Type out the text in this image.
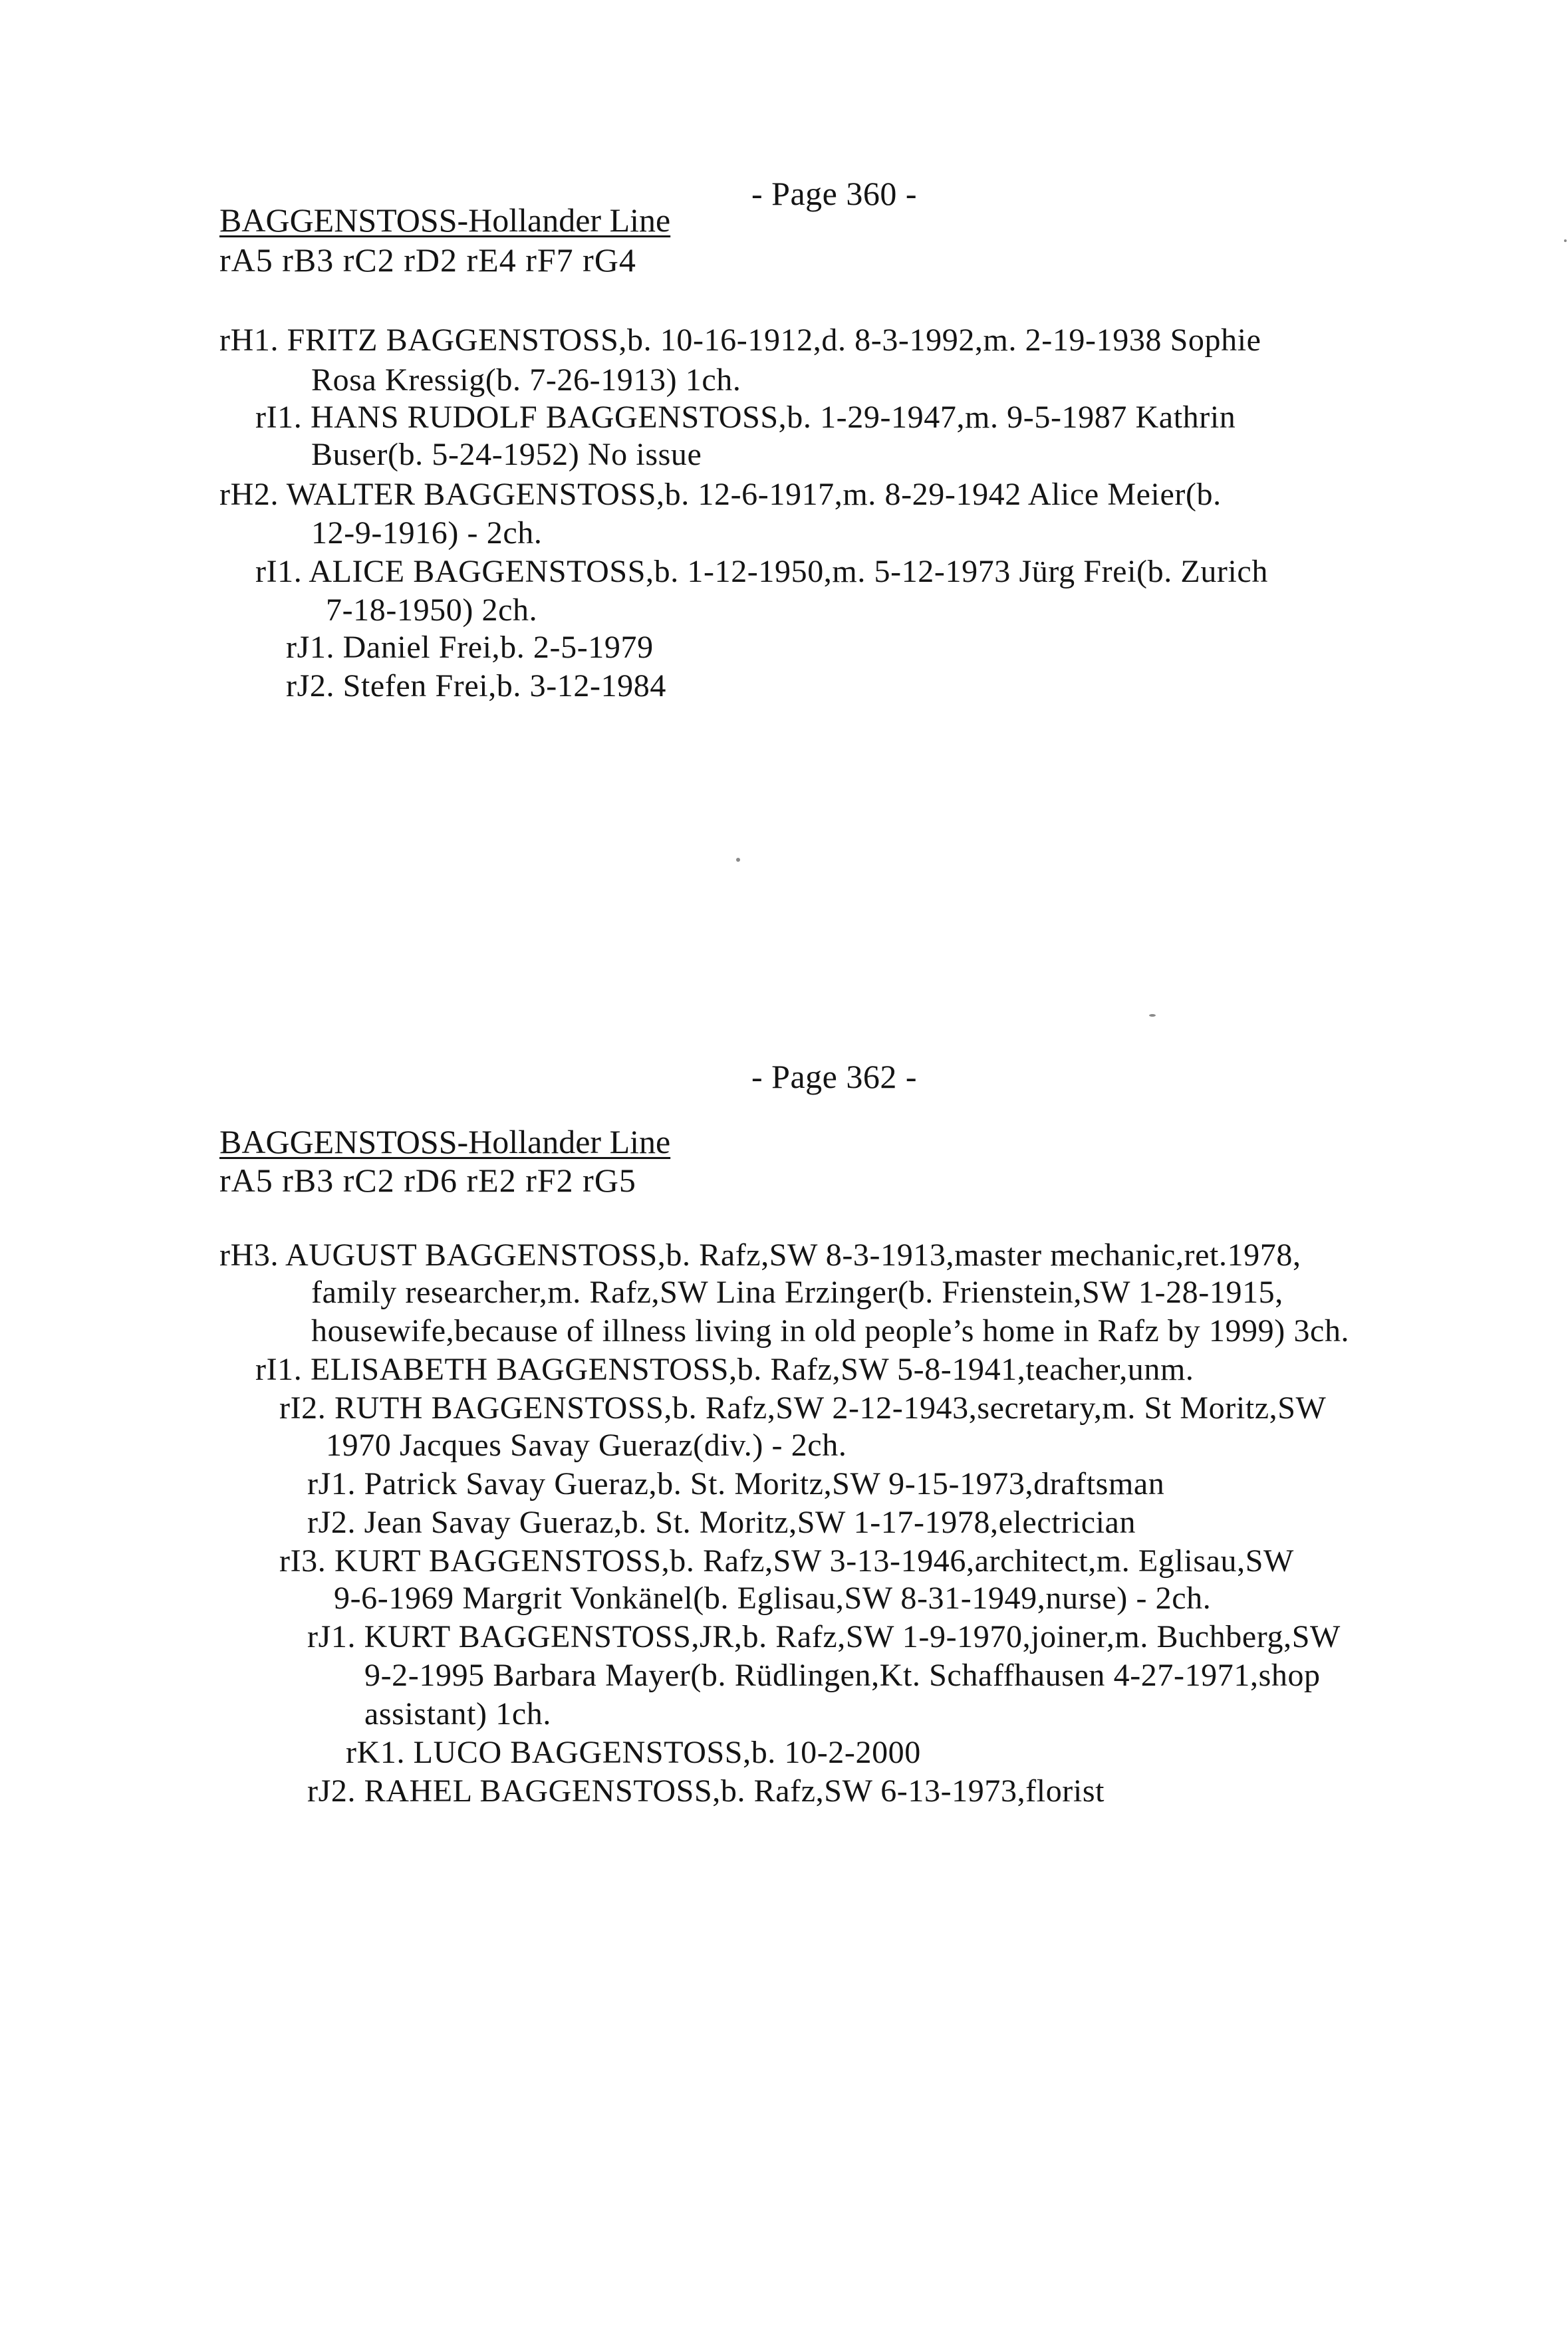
- Page 360 -
BAGGENSTOSS-Hollander Line
rA5 rB3 rC2 rD2 rE4 rF7 rG4
rH1. FRITZ BAGGENSTOSS,b. 10-16-1912,d. 8-3-1992,m. 2-19-1938 Sophie
Rosa Kressig(b. 7-26-1913) 1ch.
rI1. HANS RUDOLF BAGGENSTOSS,b. 1-29-1947,m. 9-5-1987 Kathrin
Buser(b. 5-24-1952) No issue
rH2. WALTER BAGGENSTOSS,b. 12-6-1917,m. 8-29-1942 Alice Meier(b.
12-9-1916) - 2ch.
rI1. ALICE BAGGENSTOSS,b. 1-12-1950,m. 5-12-1973 Jürg Frei(b. Zurich
7-18-1950) 2ch.
rJ1. Daniel Frei,b. 2-5-1979
rJ2. Stefen Frei,b. 3-12-1984
- Page 362 -
BAGGENSTOSS-Hollander Line
rA5 rB3 rC2 rD6 rE2 rF2 rG5
rH3. AUGUST BAGGENSTOSS,b. Rafz,SW 8-3-1913,master mechanic,ret.1978,
family researcher,m. Rafz,SW Lina Erzinger(b. Frienstein,SW 1-28-1915,
housewife,because of illness living in old people’s home in Rafz by 1999) 3ch.
rI1. ELISABETH BAGGENSTOSS,b. Rafz,SW 5-8-1941,teacher,unm.
rI2. RUTH BAGGENSTOSS,b. Rafz,SW 2-12-1943,secretary,m. St Moritz,SW
1970 Jacques Savay Gueraz(div.) - 2ch.
rJ1. Patrick Savay Gueraz,b. St. Moritz,SW 9-15-1973,draftsman
rJ2. Jean Savay Gueraz,b. St. Moritz,SW 1-17-1978,electrician
rI3. KURT BAGGENSTOSS,b. Rafz,SW 3-13-1946,architect,m. Eglisau,SW
9-6-1969 Margrit Vonkänel(b. Eglisau,SW 8-31-1949,nurse) - 2ch.
rJ1. KURT BAGGENSTOSS,JR,b. Rafz,SW 1-9-1970,joiner,m. Buchberg,SW
9-2-1995 Barbara Mayer(b. Rüdlingen,Kt. Schaffhausen 4-27-1971,shop
assistant) 1ch.
rK1. LUCO BAGGENSTOSS,b. 10-2-2000
rJ2. RAHEL BAGGENSTOSS,b. Rafz,SW 6-13-1973,florist
